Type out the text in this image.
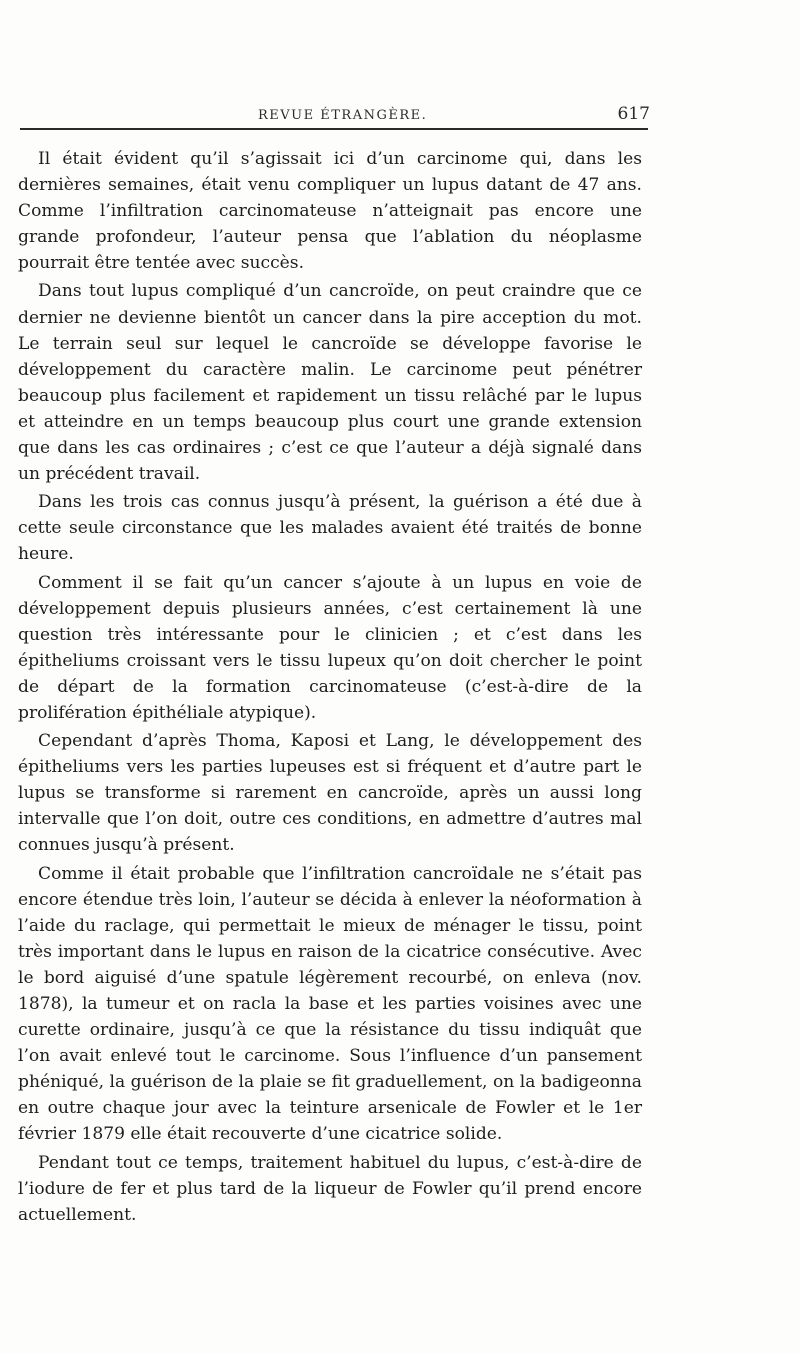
REVUE ÉTRANGÈRE.	617

Il était évident qu’il s’agissait ici d’un carcinome qui, dans les dernières semaines, était venu compliquer un lupus datant de 47 ans. Comme l’infiltration carcinomateuse n’atteignait pas encore une grande profondeur, l’auteur pensa que l’ablation du néoplasme pourrait être tentée avec succès.

Dans tout lupus compliqué d’un cancroïde, on peut craindre que ce dernier ne devienne bientôt un cancer dans la pire acception du mot. Le terrain seul sur lequel le cancroïde se développe favorise le développement du caractère malin. Le carcinome peut pénétrer beaucoup plus facilement et rapidement un tissu relâché par le lupus et atteindre en un temps beaucoup plus court une grande extension que dans les cas ordinaires ; c’est ce que l’auteur a déjà signalé dans un précédent travail.

Dans les trois cas connus jusqu’à présent, la guérison a été due à cette seule circonstance que les malades avaient été traités de bonne heure.

Comment il se fait qu’un cancer s’ajoute à un lupus en voie de développement depuis plusieurs années, c’est certainement là une question très intéressante pour le clinicien ; et c’est dans les épitheliums croissant vers le tissu lupeux qu’on doit chercher le point de départ de la formation carcinomateuse (c’est-à-dire de la prolifération épithéliale atypique).

Cependant d’après Thoma, Kaposi et Lang, le développement des épitheliums vers les parties lupeuses est si fréquent et d’autre part le lupus se transforme si rarement en cancroïde, après un aussi long intervalle que l’on doit, outre ces conditions, en admettre d’autres mal connues jusqu’à présent.

Comme il était probable que l’infiltration cancroïdale ne s’était pas encore étendue très loin, l’auteur se décida à enlever la néoformation à l’aide du raclage, qui permettait le mieux de ménager le tissu, point très important dans le lupus en raison de la cicatrice consécutive. Avec le bord aiguisé d’une spatule légèrement recourbé, on enleva (nov. 1878), la tumeur et on racla la base et les parties voisines avec une curette ordinaire, jusqu’à ce que la résistance du tissu indiquât que l’on avait enlevé tout le carcinome. Sous l’influence d’un pansement phéniqué, la guérison de la plaie se fit graduellement, on la badigeonna en outre chaque jour avec la teinture arsenicale de Fowler et le 1er février 1879 elle était recouverte d’une cicatrice solide.

Pendant tout ce temps, traitement habituel du lupus, c’est-à-dire de l’iodure de fer et plus tard de la liqueur de Fowler qu’il prend encore actuellement.
